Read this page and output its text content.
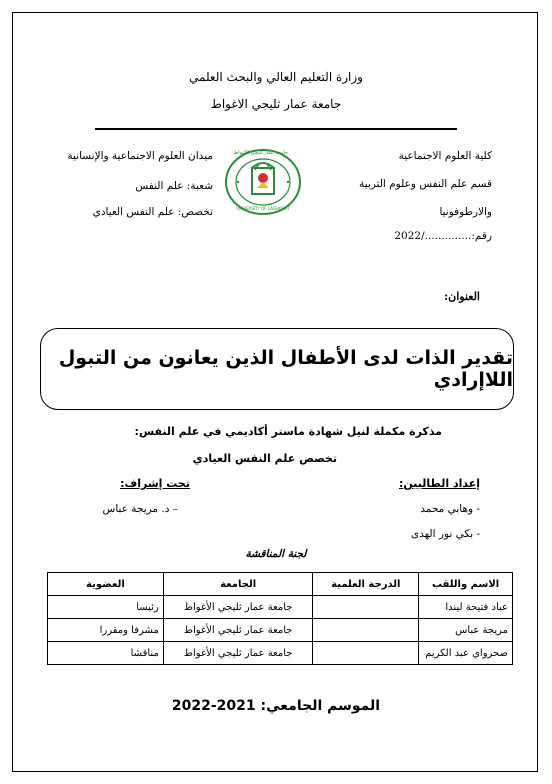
وزارة التعليم العالي والبحث العلمي
جامعة عمار ثليجي الاغواط
كلية العلوم الاجتماعية
قسم علم النفس وعلوم التربية
والارطوفونيا
رقم:............../2022
ميدان العلوم الاجتماعية والإنسانية
شعبة: علم النفس
تخصص: علم النفس العيادي
جامعة عمار ثليجي الأغواط
UNIVERSITY OF LAGHOUAT
العنوان:
تقدير الذات لدى الأطفال الذين يعانون من التبول اللاإرادي
مذكرة مكملة لنيل شهادة ماستر أكاديمي في علم النفس:
تخصص علم النفس العيادي
إعداد الطالبين:
- وهابي محمد
- بكي نور الهدى
تحت إشراف:
– د. مريجة عباس
لجنة المناقشة
الاسم واللقب	الدرجة العلمية	الجامعة	العضوية
عباد فتيحة ليندا		جامعة عمار ثليجي الأغواط	رئيسا
مريجة عباس		جامعة عمار ثليجي الأغواط	مشرفا ومقررا
صحرواي عبد الكريم		جامعة عمار ثليجي الأغواط	مناقشا
الموسم الجامعي: 2021-2022
